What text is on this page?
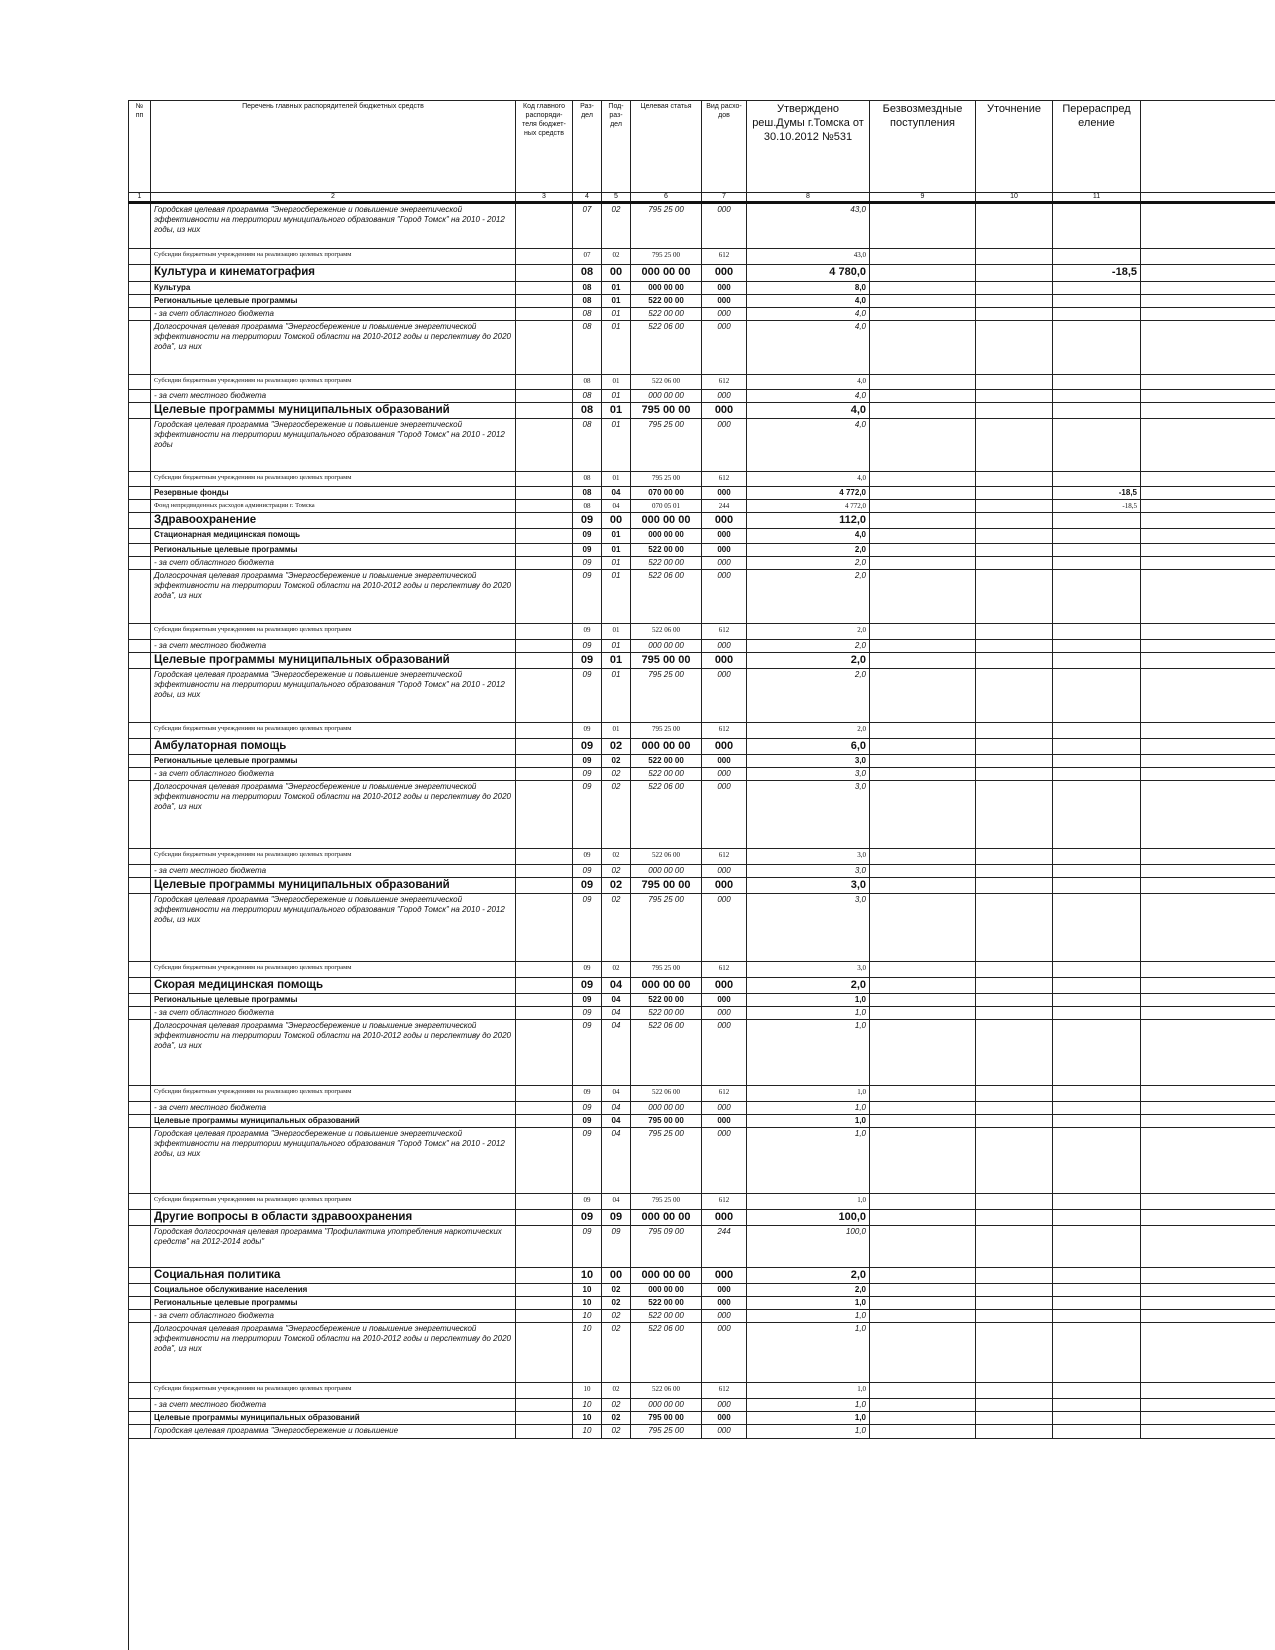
№ пп	Перечень главных распорядителей бюджетных средств	Код главного распоряди-теля бюджет-ных средств	Раз-дел	Под-раз-дел	Целевая статья	Вид расхо-дов	Утверждено реш.Думы г.Томска от 30.10.2012 №531	Безвозмездные поступления	Уточнение	Перераспред еление	
1	2	3	4	5	6	7	8	9	10	11	
	Городская целевая программа "Энергосбережение и повышение энергетической эффективности на территории муниципального образования "Город Томск" на 2010 - 2012 годы, из них		07	02	795 25 00	000	43,0				
	Субсидии бюджетным учреждениям на реализацию целевых программ		07	02	795 25 00	612	43,0				
	Культура и кинематография		08	00	000 00 00	000	4 780,0			-18,5	
	Культура		08	01	000 00 00	000	8,0				
	Региональные целевые программы		08	01	522 00 00	000	4,0				
	- за счет областного бюджета		08	01	522 00 00	000	4,0				
	Долгосрочная целевая программа "Энергосбережение и повышение энергетической эффективности на территории Томской области на 2010-2012 годы и перспективу до 2020 года", из них		08	01	522 06 00	000	4,0				
	Субсидии бюджетным учреждениям на реализацию целевых программ		08	01	522 06 00	612	4,0				
	- за счет местного бюджета		08	01	000 00 00	000	4,0				
	Целевые программы муниципальных образований		08	01	795 00 00	000	4,0				
	Городская целевая программа "Энергосбережение и повышение энергетической эффективности на территории муниципального образования "Город Томск" на 2010 - 2012 годы		08	01	795 25 00	000	4,0				
	Субсидии бюджетным учреждениям на реализацию целевых программ		08	01	795 25 00	612	4,0				
	Резервные фонды		08	04	070 00 00	000	4 772,0			-18,5	
	Фонд непредвиденных расходов администрации г. Томска		08	04	070 05 01	244	4 772,0			-18,5	
	Здравоохранение		09	00	000 00 00	000	112,0				
	Стационарная медицинская помощь		09	01	000 00 00	000	4,0				
	Региональные целевые программы		09	01	522 00 00	000	2,0				
	- за счет областного бюджета		09	01	522 00 00	000	2,0				
	Долгосрочная целевая программа "Энергосбережение и повышение энергетической эффективности на территории Томской области на 2010-2012 годы и перспективу до 2020 года", из них		09	01	522 06 00	000	2,0				
	Субсидии бюджетным учреждениям на реализацию целевых программ		09	01	522 06 00	612	2,0				
	- за счет местного бюджета		09	01	000 00 00	000	2,0				
	Целевые программы муниципальных образований		09	01	795 00 00	000	2,0				
	Городская целевая программа "Энергосбережение и повышение энергетической эффективности на территории муниципального образования "Город Томск" на 2010 - 2012 годы, из них		09	01	795 25 00	000	2,0				
	Субсидии бюджетным учреждениям на реализацию целевых программ		09	01	795 25 00	612	2,0				
	Амбулаторная помощь		09	02	000 00 00	000	6,0				
	Региональные целевые программы		09	02	522 00 00	000	3,0				
	- за счет областного бюджета		09	02	522 00 00	000	3,0				
	Долгосрочная целевая программа "Энергосбережение и повышение энергетической эффективности на территории Томской области на 2010-2012 годы и перспективу до 2020 года", из них		09	02	522 06 00	000	3,0				
	Субсидии бюджетным учреждениям на реализацию целевых программ		09	02	522 06 00	612	3,0				
	- за счет местного бюджета		09	02	000 00 00	000	3,0				
	Целевые программы муниципальных образований		09	02	795 00 00	000	3,0				
	Городская целевая программа "Энергосбережение и повышение энергетической эффективности на территории муниципального образования "Город Томск" на 2010 - 2012 годы, из них		09	02	795 25 00	000	3,0				
	Субсидии бюджетным учреждениям на реализацию целевых программ		09	02	795 25 00	612	3,0				
	Скорая медицинская помощь		09	04	000 00 00	000	2,0				
	Региональные целевые программы		09	04	522 00 00	000	1,0				
	- за счет областного бюджета		09	04	522 00 00	000	1,0				
	Долгосрочная целевая программа "Энергосбережение и повышение энергетической эффективности на территории Томской области на 2010-2012 годы и перспективу до 2020 года", из них		09	04	522 06 00	000	1,0				
	Субсидии бюджетным учреждениям на реализацию целевых программ		09	04	522 06 00	612	1,0				
	- за счет местного бюджета		09	04	000 00 00	000	1,0				
	Целевые программы муниципальных образований		09	04	795 00 00	000	1,0				
	Городская целевая программа "Энергосбережение и повышение энергетической эффективности на территории муниципального образования "Город Томск" на 2010 - 2012 годы, из них		09	04	795 25 00	000	1,0				
	Субсидии бюджетным учреждениям на реализацию целевых программ		09	04	795 25 00	612	1,0				
	Другие вопросы в области здравоохранения		09	09	000 00 00	000	100,0				
	Городская долгосрочная целевая программа "Профилактика употребления наркотических средств" на 2012-2014 годы"		09	09	795 09 00	244	100,0				
	Социальная политика		10	00	000 00 00	000	2,0				
	Социальное обслуживание населения		10	02	000 00 00	000	2,0				
	Региональные целевые программы		10	02	522 00 00	000	1,0				
	- за счет областного бюджета		10	02	522 00 00	000	1,0				
	Долгосрочная целевая программа "Энергосбережение и повышение энергетической эффективности на территории Томской области на 2010-2012 годы и перспективу до 2020 года", из них		10	02	522 06 00	000	1,0				
	Субсидии бюджетным учреждениям на реализацию целевых программ		10	02	522 06 00	612	1,0				
	- за счет местного бюджета		10	02	000 00 00	000	1,0				
	Целевые программы муниципальных образований		10	02	795 00 00	000	1,0				
	Городская целевая программа "Энергосбережение и повышение		10	02	795 25 00	000	1,0				
